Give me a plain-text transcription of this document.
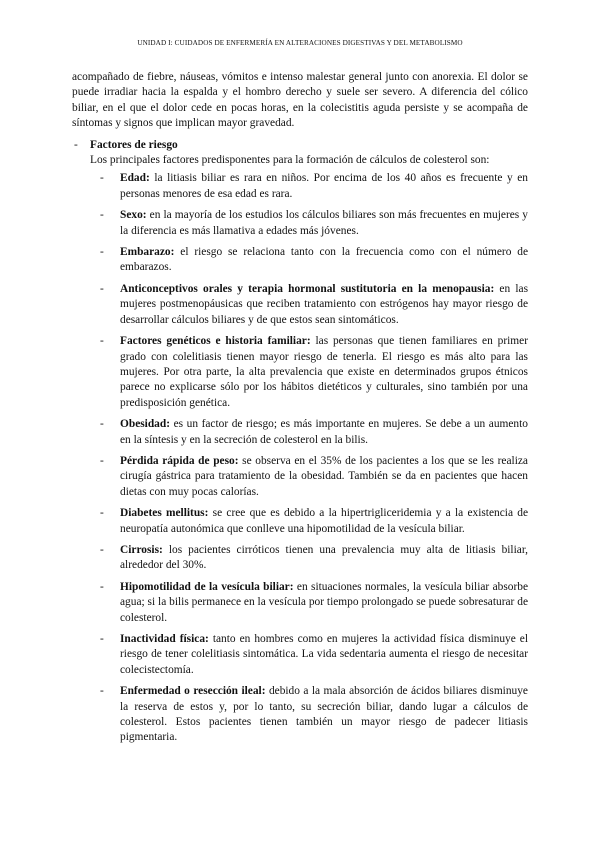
UNIDAD I: CUIDADOS DE ENFERMERÍA EN ALTERACIONES DIGESTIVAS Y DEL METABOLISMO

acompañado de fiebre, náuseas, vómitos e intenso malestar general junto con anorexia. El dolor se puede irradiar hacia la espalda y el hombro derecho y suele ser severo. A diferencia del cólico biliar, en el que el dolor cede en pocas horas, en la colecistitis aguda persiste y se acompaña de síntomas y signos que implican mayor gravedad.

- Factores de riesgo

Los principales factores predisponentes para la formación de cálculos de colesterol son:

- Edad: la litiasis biliar es rara en niños. Por encima de los 40 años es frecuente y en personas menores de esa edad es rara.
- Sexo: en la mayoría de los estudios los cálculos biliares son más frecuentes en mujeres y la diferencia es más llamativa a edades más jóvenes.
- Embarazo: el riesgo se relaciona tanto con la frecuencia como con el número de embarazos.
- Anticonceptivos orales y terapia hormonal sustitutoria en la menopausia: en las mujeres postmenopáusicas que reciben tratamiento con estrógenos hay mayor riesgo de desarrollar cálculos biliares y de que estos sean sintomáticos.
- Factores genéticos e historia familiar: las personas que tienen familiares en primer grado con colelitiasis tienen mayor riesgo de tenerla. El riesgo es más alto para las mujeres. Por otra parte, la alta prevalencia que existe en determinados grupos étnicos parece no explicarse sólo por los hábitos dietéticos y culturales, sino también por una predisposición genética.
- Obesidad: es un factor de riesgo; es más importante en mujeres. Se debe a un aumento en la síntesis y en la secreción de colesterol en la bilis.
- Pérdida rápida de peso: se observa en el 35% de los pacientes a los que se les realiza cirugía gástrica para tratamiento de la obesidad. También se da en pacientes que hacen dietas con muy pocas calorías.
- Diabetes mellitus: se cree que es debido a la hipertrigliceridemia y a la existencia de neuropatía autonómica que conlleve una hipomotilidad de la vesícula biliar.
- Cirrosis: los pacientes cirróticos tienen una prevalencia muy alta de litiasis biliar, alrededor del 30%.
- Hipomotilidad de la vesícula biliar: en situaciones normales, la vesícula biliar absorbe agua; si la bilis permanece en la vesícula por tiempo prolongado se puede sobresaturar de colesterol.
- Inactividad física: tanto en hombres como en mujeres la actividad física disminuye el riesgo de tener colelitiasis sintomática. La vida sedentaria aumenta el riesgo de necesitar colecistectomía.
- Enfermedad o resección ileal: debido a la mala absorción de ácidos biliares disminuye la reserva de estos y, por lo tanto, su secreción biliar, dando lugar a cálculos de colesterol. Estos pacientes tienen también un mayor riesgo de padecer litiasis pigmentaria.
